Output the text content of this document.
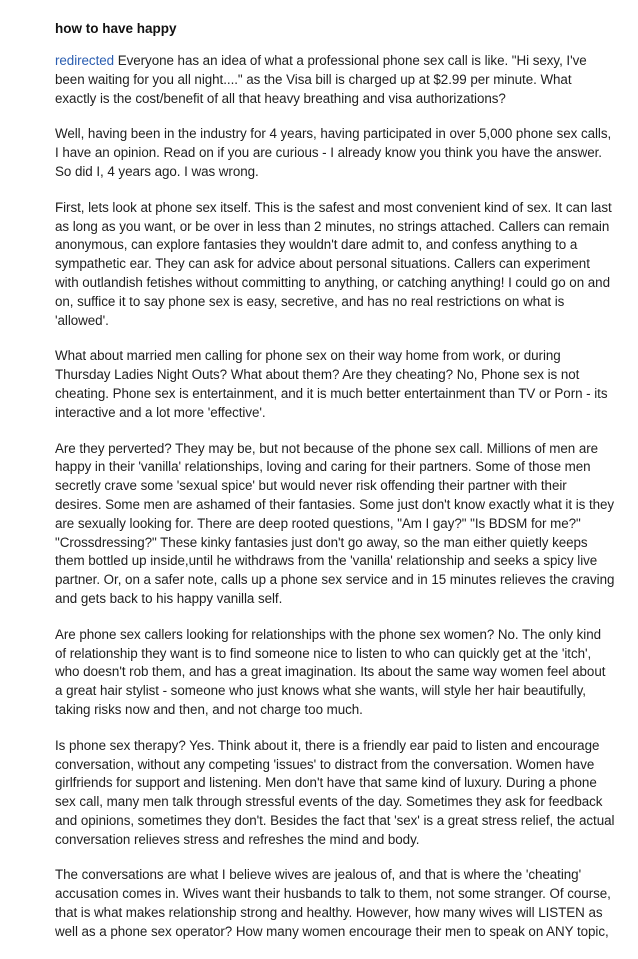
how to have happy

redirected Everyone has an idea of what a professional phone sex call is like. "Hi sexy, I've been waiting for you all night...." as the Visa bill is charged up at $2.99 per minute. What exactly is the cost/benefit of all that heavy breathing and visa authorizations?

Well, having been in the industry for 4 years, having participated in over 5,000 phone sex calls, I have an opinion. Read on if you are curious - I already know you think you have the answer. So did I, 4 years ago. I was wrong.

First, lets look at phone sex itself. This is the safest and most convenient kind of sex. It can last as long as you want, or be over in less than 2 minutes, no strings attached. Callers can remain anonymous, can explore fantasies they wouldn't dare admit to, and confess anything to a sympathetic ear. They can ask for advice about personal situations. Callers can experiment with outlandish fetishes without committing to anything, or catching anything! I could go on and on, suffice it to say phone sex is easy, secretive, and has no real restrictions on what is 'allowed'.

What about married men calling for phone sex on their way home from work, or during Thursday Ladies Night Outs? What about them? Are they cheating? No, Phone sex is not cheating. Phone sex is entertainment, and it is much better entertainment than TV or Porn - its interactive and a lot more 'effective'.

Are they perverted? They may be, but not because of the phone sex call. Millions of men are happy in their 'vanilla' relationships, loving and caring for their partners. Some of those men secretly crave some 'sexual spice' but would never risk offending their partner with their desires. Some men are ashamed of their fantasies. Some just don't know exactly what it is they are sexually looking for. There are deep rooted questions, "Am I gay?" "Is BDSM for me?" "Crossdressing?" These kinky fantasies just don't go away, so the man either quietly keeps them bottled up inside,until he withdraws from the 'vanilla' relationship and seeks a spicy live partner. Or, on a safer note, calls up a phone sex service and in 15 minutes relieves the craving and gets back to his happy vanilla self.

Are phone sex callers looking for relationships with the phone sex women? No. The only kind of relationship they want is to find someone nice to listen to who can quickly get at the 'itch', who doesn't rob them, and has a great imagination. Its about the same way women feel about a great hair stylist - someone who just knows what she wants, will style her hair beautifully, taking risks now and then, and not charge too much.

Is phone sex therapy? Yes. Think about it, there is a friendly ear paid to listen and encourage conversation, without any competing 'issues' to distract from the conversation. Women have girlfriends for support and listening. Men don't have that same kind of luxury. During a phone sex call, many men talk through stressful events of the day. Sometimes they ask for feedback and opinions, sometimes they don't. Besides the fact that 'sex' is a great stress relief, the actual conversation relieves stress and refreshes the mind and body.

The conversations are what I believe wives are jealous of, and that is where the 'cheating' accusation comes in. Wives want their husbands to talk to them, not some stranger. Of course, that is what makes relationship strong and healthy. However, how many wives will LISTEN as well as a phone sex operator? How many women encourage their men to speak on ANY topic,
